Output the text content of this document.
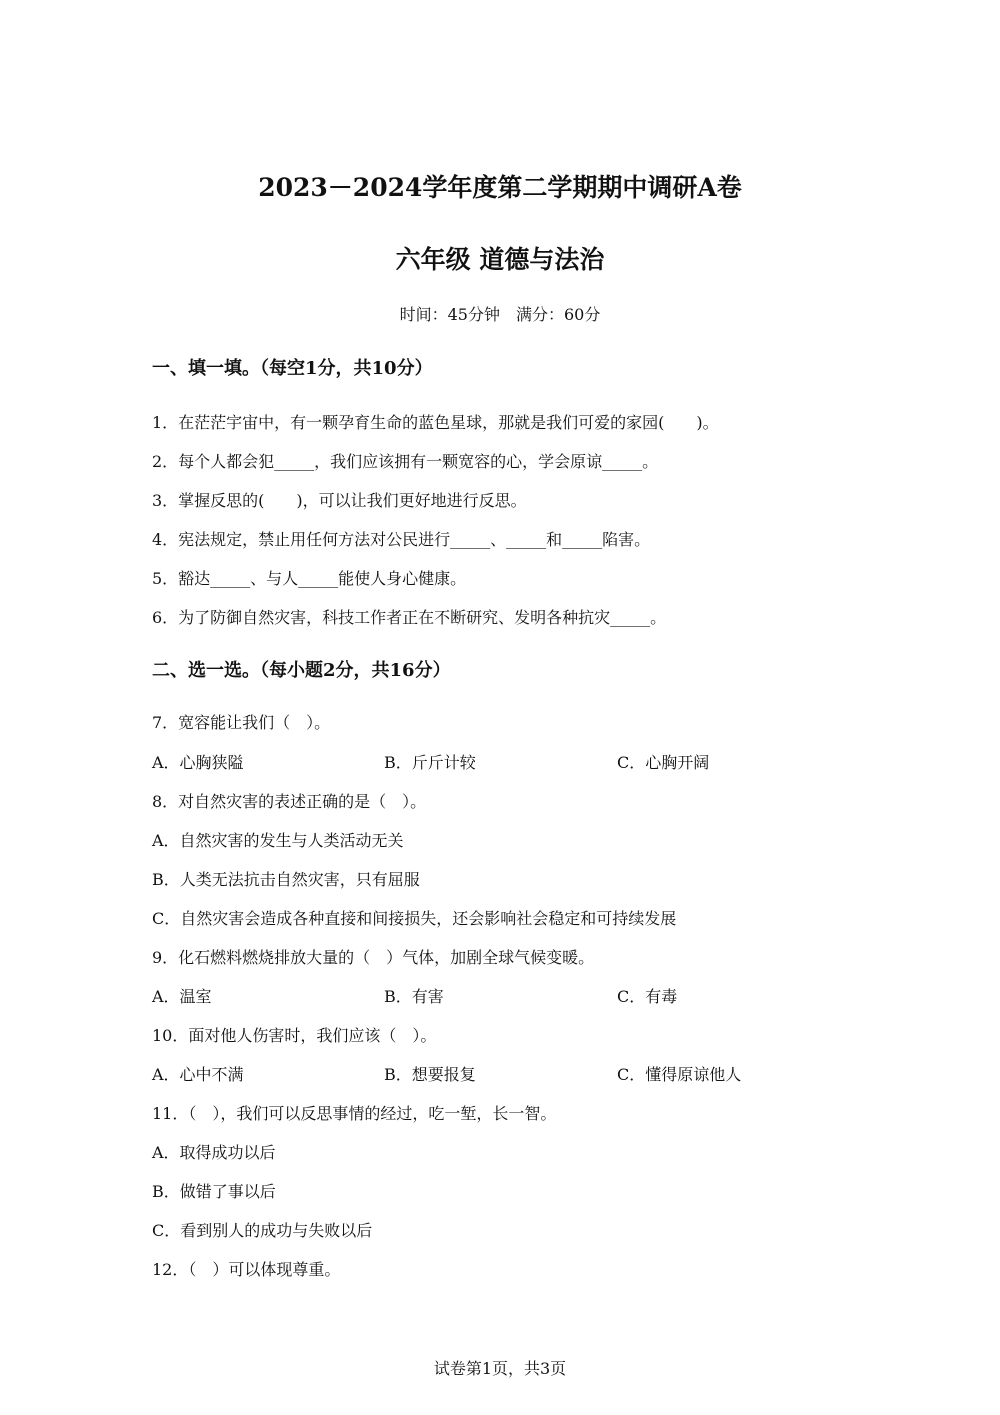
2023－2024学年度第二学期期中调研A卷
六年级 道德与法治
时间：45分钟　满分：60分
一、填一填。（每空1分，共10分）
1．在茫茫宇宙中，有一颗孕育生命的蓝色星球，那就是我们可爱的家园(　　)。
2．每个人都会犯_____，我们应该拥有一颗宽容的心，学会原谅_____。
3．掌握反思的(　　)，可以让我们更好地进行反思。
4．宪法规定，禁止用任何方法对公民进行_____、_____和_____陷害。
5．豁达_____、与人_____能使人身心健康。
6．为了防御自然灾害，科技工作者正在不断研究、发明各种抗灾_____。
二、选一选。（每小题2分，共16分）
7．宽容能让我们（　）。
A．心胸狭隘	B．斤斤计较	C．心胸开阔
8．对自然灾害的表述正确的是（　）。
A．自然灾害的发生与人类活动无关
B．人类无法抗击自然灾害，只有屈服
C．自然灾害会造成各种直接和间接损失，还会影响社会稳定和可持续发展
9．化石燃料燃烧排放大量的（　）气体，加剧全球气候变暖。
A．温室	B．有害	C．有毒
10．面对他人伤害时，我们应该（　）。
A．心中不满	B．想要报复	C．懂得原谅他人
11．（　），我们可以反思事情的经过，吃一堑，长一智。
A．取得成功以后
B．做错了事以后
C．看到别人的成功与失败以后
12．（　）可以体现尊重。
试卷第1页，共3页
